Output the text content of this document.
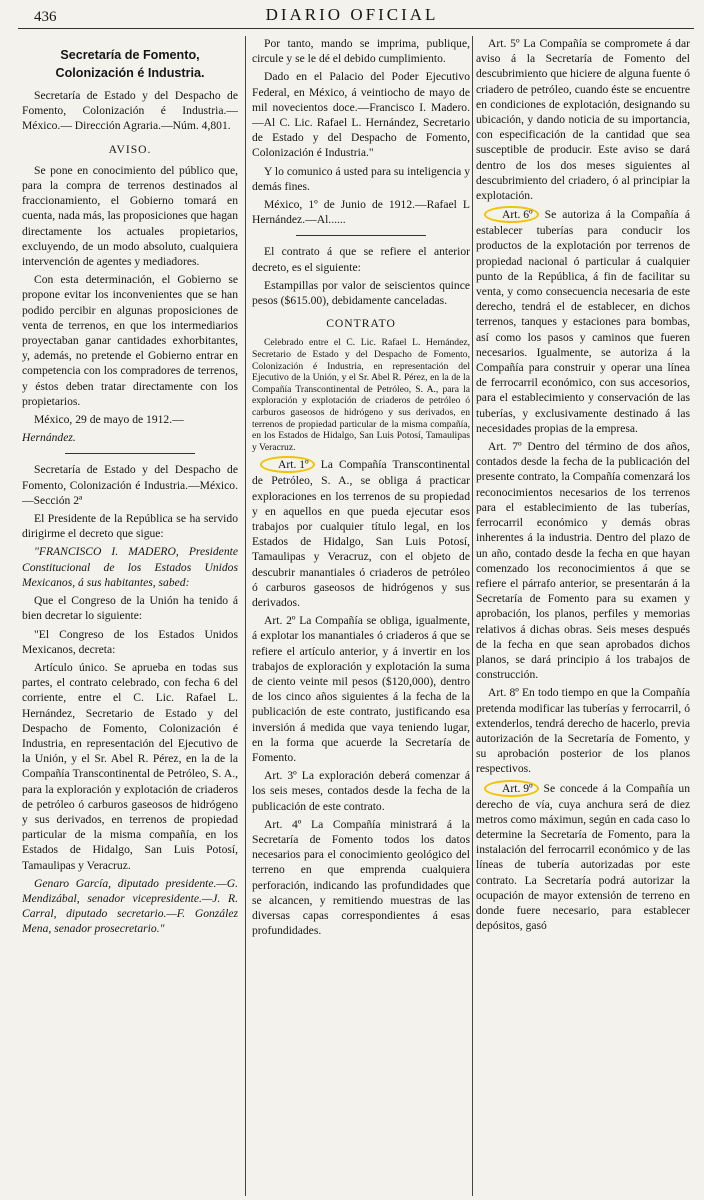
436	DIARIO OFICIAL
Secretaría de Fomento,
Colonización é Industria.

Secretaría de Estado y del Despacho de Fomento, Colonización é Industria.— México.— Dirección Agraria.—Núm. 4,801.

AVISO.

Se pone en conocimiento del público que, para la compra de terrenos destinados al fraccionamiento, el Gobierno tomará en cuenta, nada más, las proposiciones que hagan directamente los actuales propietarios, excluyendo, de un modo absoluto, cualquiera intervención de agentes y mediadores.

Con esta determinación, el Gobierno se propone evitar los inconvenientes que se han podido percibir en algunas proposiciones de venta de terrenos, en que los intermediarios proyectaban ganar cantidades exhorbitantes, y, además, no pretende el Gobierno entrar en competencia con los compradores de terrenos, y éstos deben tratar directamente con los propietarios.

México, 29 de mayo de 1912.—

Hernández.

Secretaría de Estado y del Despacho de Fomento, Colonización é Industria.—México.—Sección 2ª

El Presidente de la República se ha servido dirigirme el decreto que sigue:

"FRANCISCO I. MADERO, Presidente Constitucional de los Estados Unidos Mexicanos, á sus habitantes, sabed:

Que el Congreso de la Unión ha tenido á bien decretar lo siguiente:

"El Congreso de los Estados Unidos Mexicanos, decreta:

Artículo único. Se aprueba en todas sus partes, el contrato celebrado, con fecha 6 del corriente, entre el C. Lic. Rafael L. Hernández, Secretario de Estado y del Despacho de Fomento, Colonización é Industria, en representación del Ejecutivo de la Unión, y el Sr. Abel R. Pérez, en la de la Compañía Transcontinental de Petróleo, S. A., para la exploración y explotación de criaderos de petróleo ó carburos gaseosos de hidrógeno y sus derivados, en terrenos de propiedad particular de la misma compañía, en los Estados de Hidalgo, San Luis Potosí, Tamaulipas y Veracruz.

Genaro García, diputado presidente.—G. Mendizábal, senador vicepresidente.—J. R. Carral, diputado secretario.—F. González Mena, senador prosecretario."

Por tanto, mando se imprima, publique, circule y se le dé el debido cumplimiento.

Dado en el Palacio del Poder Ejecutivo Federal, en México, á veintiocho de mayo de mil novecientos doce.—Francisco I. Madero.—Al C. Lic. Rafael L. Hernández, Secretario de Estado y del Despacho de Fomento, Colonización é Industria."

Y lo comunico á usted para su inteligencia y demás fines.

México, 1º de Junio de 1912.—Rafael L Hernández.—Al......

El contrato á que se refiere el anterior decreto, es el siguiente:

Estampillas por valor de seiscientos quince pesos ($615.00), debidamente canceladas.

CONTRATO

Celebrado entre el C. Lic. Rafael L. Hernández, Secretario de Estado y del Despacho de Fomento, Colonización é Industria, en representación del Ejecutivo de la Unión, y el Sr. Abel R. Pérez, en la de la Compañía Transcontinental de Petróleo, S. A., para la exploración y explotación de criaderos de petróleo ó carburos gaseosos de hidrógeno y sus derivados, en terrenos de propiedad particular de la misma compañía, en los Estados de Hidalgo, San Luis Potosí, Tamaulipas y Veracruz.

Art. 1º La Compañía Transcontinental de Petróleo, S. A., se obliga á practicar exploraciones en los terrenos de su propiedad y en aquellos en que pueda ejecutar esos trabajos por cualquier título legal, en los Estados de Hidalgo, San Luis Potosí, Tamaulipas y Veracruz, con el objeto de descubrir manantiales ó criaderos de petróleo ó carburos gaseosos de hidrógenos y sus derivados.

Art. 2º La Compañía se obliga, igualmente, á explotar los manantiales ó criaderos á que se refiere el artículo anterior, y á invertir en los trabajos de exploración y explotación la suma de ciento veinte mil pesos ($120,000), dentro de los cinco años siguientes á la fecha de la publicación de este contrato, justificando esa inversión á medida que vaya teniendo lugar, en la forma que acuerde la Secretaría de Fomento.

Art. 3º La exploración deberá comenzar á los seis meses, contados desde la fecha de la publicación de este contrato.

Art. 4º La Compañía ministrará á la Secretaría de Fomento todos los datos necesarios para el conocimiento geológico del terreno en que emprenda cualquiera perforación, indicando las profundidades que se alcancen, y remitiendo muestras de las diversas capas correspondientes á esas profundidades.

Art. 5º La Compañía se compromete á dar aviso á la Secretaría de Fomento del descubrimiento que hiciere de alguna fuente ó criadero de petróleo, cuando éste se encuentre en condiciones de explotación, designando su ubicación, y dando noticia de su importancia, con especificación de la cantidad que sea susceptible de producir. Este aviso se dará dentro de los dos meses siguientes al descubrimiento del criadero, ó al principiar la explotación.

Art. 6º Se autoriza á la Compañía á establecer tuberías para conducir los productos de la explotación por terrenos de propiedad nacional ó particular á cualquier punto de la República, á fin de facilitar su venta, y como consecuencia necesaria de este derecho, tendrá el de establecer, en dichos terrenos, tanques y estaciones para bombas, así como los pasos y caminos que fueren necesarios. Igualmente, se autoriza á la Compañía para construir y operar una línea de ferrocarril económico, con sus accesorios, para el establecimiento y conservación de las tuberías, y exclusivamente destinado á las necesidades propias de la empresa.

Art. 7º Dentro del término de dos años, contados desde la fecha de la publicación del presente contrato, la Compañía comenzará los reconocimientos necesarios de los terrenos para el establecimiento de las tuberías, ferrocarril económico y demás obras inherentes á la industria. Dentro del plazo de un año, contado desde la fecha en que hayan comenzado los reconocimientos á que se refiere el párrafo anterior, se presentarán á la Secretaría de Fomento para su examen y aprobación, los planos, perfiles y memorias relativos á dichas obras. Seis meses después de la fecha en que sean aprobados dichos planos, se dará principio á los trabajos de construcción.

Art. 8º En todo tiempo en que la Compañía pretenda modificar las tuberías y ferrocarril, ó extenderlos, tendrá derecho de hacerlo, previa autorización de la Secretaría de Fomento, y su aprobación posterior de los planos respectivos.

Art. 9º Se concede á la Compañía un derecho de vía, cuya anchura será de diez metros como máximun, según en cada caso lo determine la Secretaría de Fomento, para la instalación del ferrocarril económico y de las líneas de tubería autorizadas por este contrato. La Secretaría podrá autorizar la ocupación de mayor extensión de terreno en donde fuere necesario, para establecer depósitos, gasó
